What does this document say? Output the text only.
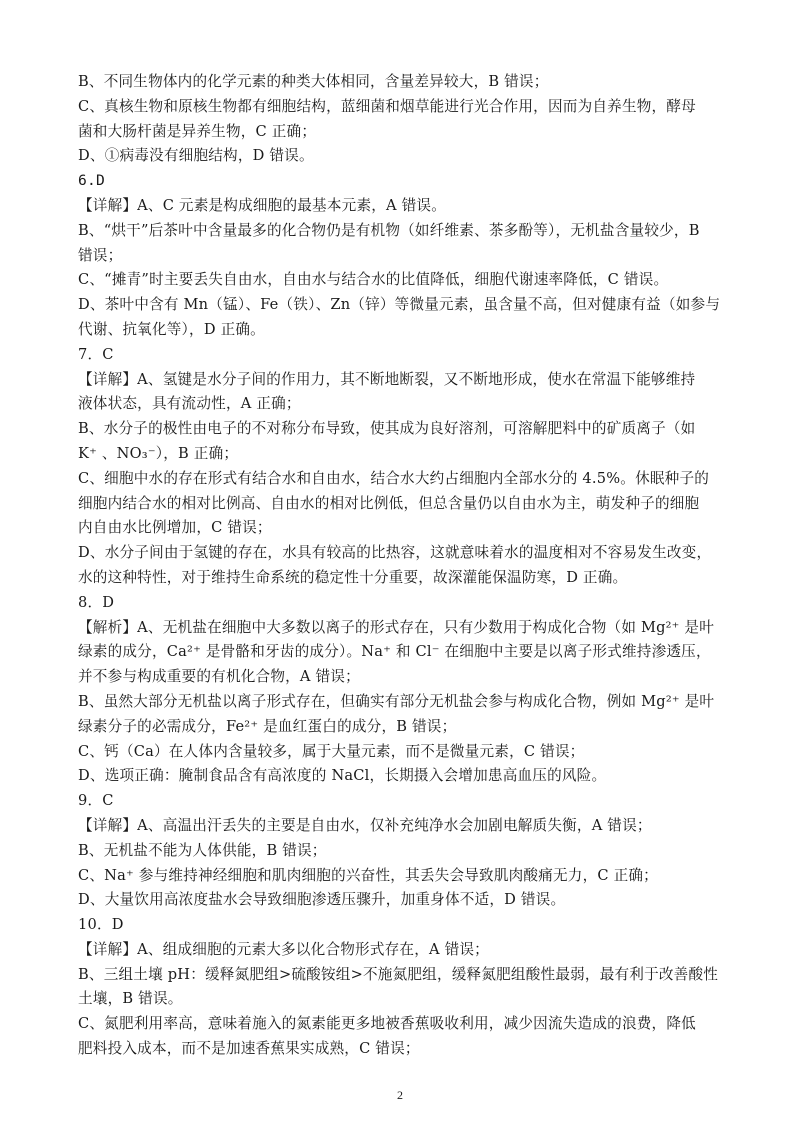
B、不同生物体内的化学元素的种类大体相同，含量差异较大，B 错误；
C、真核生物和原核生物都有细胞结构，蓝细菌和烟草能进行光合作用，因而为自养生物，酵母
菌和大肠杆菌是异养生物，C 正确；
D、①病毒没有细胞结构，D 错误。
6.D
【详解】A、C 元素是构成细胞的最基本元素，A 错误。
B、“烘干”后茶叶中含量最多的化合物仍是有机物（如纤维素、茶多酚等），无机盐含量较少，B
错误；
C、“摊青”时主要丢失自由水，自由水与结合水的比值降低，细胞代谢速率降低，C 错误。
D、茶叶中含有 Mn（锰）、Fe（铁）、Zn（锌）等微量元素，虽含量不高，但对健康有益（如参与
代谢、抗氧化等），D 正确。
7．C
【详解】A、氢键是水分子间的作用力，其不断地断裂，又不断地形成，使水在常温下能够维持
液体状态，具有流动性，A 正确；
B、水分子的极性由电子的不对称分布导致，使其成为良好溶剂，可溶解肥料中的矿质离子（如
K⁺ 、NO₃⁻），B 正确；
C、细胞中水的存在形式有结合水和自由水，结合水大约占细胞内全部水分的 4.5%。休眠种子的
细胞内结合水的相对比例高、自由水的相对比例低，但总含量仍以自由水为主，萌发种子的细胞
内自由水比例增加，C 错误；
D、水分子间由于氢键的存在，水具有较高的比热容，这就意味着水的温度相对不容易发生改变，
水的这种特性，对于维持生命系统的稳定性十分重要，故深灌能保温防寒，D 正确。
8．D
【解析】A、无机盐在细胞中大多数以离子的形式存在，只有少数用于构成化合物（如 Mg²⁺ 是叶
绿素的成分，Ca²⁺ 是骨骼和牙齿的成分）。Na⁺ 和 Cl⁻ 在细胞中主要是以离子形式维持渗透压，
并不参与构成重要的有机化合物，A 错误；
B、虽然大部分无机盐以离子形式存在，但确实有部分无机盐会参与构成化合物，例如 Mg²⁺ 是叶
绿素分子的必需成分，Fe²⁺ 是血红蛋白的成分，B 错误；
C、钙（Ca）在人体内含量较多，属于大量元素，而不是微量元素，C 错误；
D、选项正确：腌制食品含有高浓度的 NaCl，长期摄入会增加患高血压的风险。
9．C
【详解】A、高温出汗丢失的主要是自由水，仅补充纯净水会加剧电解质失衡，A 错误；
B、无机盐不能为人体供能，B 错误；
C、Na⁺ 参与维持神经细胞和肌肉细胞的兴奋性，其丢失会导致肌肉酸痛无力，C 正确；
D、大量饮用高浓度盐水会导致细胞渗透压骤升，加重身体不适，D 错误。
10．D
【详解】A、组成细胞的元素大多以化合物形式存在，A 错误；
B、三组土壤 pH：缓释氮肥组>硫酸铵组>不施氮肥组，缓释氮肥组酸性最弱，最有利于改善酸性
土壤，B 错误。
C、氮肥利用率高，意味着施入的氮素能更多地被香蕉吸收利用，减少因流失造成的浪费，降低
肥料投入成本，而不是加速香蕉果实成熟，C 错误；
2
